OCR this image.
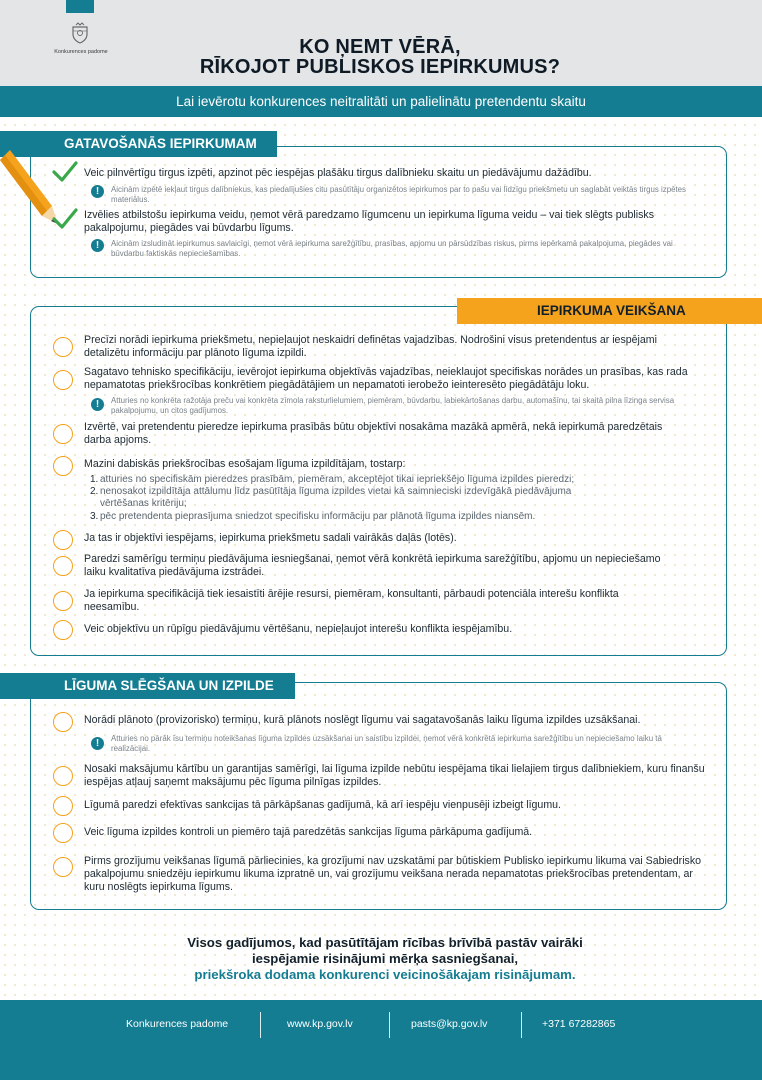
Konkurences padome	KO ŅEMT VĒRĀ,
RĪKOJOT PUBLISKOS IEPIRKUMUS?
Lai ievērotu konkurences neitralitāti un palielinātu pretendentu skaitu
GATAVOŠANĀS IEPIRKUMAM
Veic pilnvērtīgu tirgus izpēti, apzinot pēc iespējas plašāku tirgus dalībnieku skaitu un piedāvājumu dažādību.
!	Aicinām izpētē iekļaut tirgus dalībniekus, kas piedalījušies citu pasūtītāju organizētos iepirkumos par to pašu vai līdzīgu priekšmetu un saglabāt veiktās tirgus izpētes materiālus.
Izvēlies atbilstošu iepirkuma veidu, ņemot vērā paredzamo līgumcenu un iepirkuma līguma veidu – vai tiek slēgts publisks pakalpojumu, piegādes vai būvdarbu līgums.
!	Aicinām izsludināt iepirkumus savlaicīgi, ņemot vērā iepirkuma sarežģītību, prasības, apjomu un pārsūdzības riskus, pirms iepērkamā pakalpojuma, piegādes vai būvdarbu faktiskās nepieciešamības.
IEPIRKUMA VEIKŠANA
Precīzi norādi iepirkuma priekšmetu, nepieļaujot neskaidri definētas vajadzības. Nodrošini visus pretendentus ar iespējami detalizētu informāciju par plānoto līguma izpildi.
Sagatavo tehnisko specifikāciju, ievērojot iepirkuma objektīvās vajadzības, neieklaujot specifiskas norādes un prasības, kas rada nepamatotas priekšrocības konkrētiem piegādātājiem un nepamatoti ierobežo ieinteresēto piegādātāju loku.
!	Atturies no konkrēta ražotāja preču vai konkrēta zīmola raksturlielumiem, piemēram, būvdarbu, labiekārtošanas darbu, automašīnu, tai skaitā pilna līzinga servisa pakalpojumu, un citos gadījumos.
Izvērtē, vai pretendentu pieredze iepirkuma prasībās būtu objektīvi nosakāma mazākā apmērā, nekā iepirkumā paredzētais darba apjoms.
Mazini dabiskās priekšrocības esošajam līguma izpildītājam, tostarp:
1. atturies no specifiskām pieredzes prasībām, piemēram, akceptējot tikai iepriekšējo līguma izpildes pieredzi;
2. nenosakot izpildītāja attālumu līdz pasūtītāja līguma izpildes vietai kā saimnieciski izdevīgākā piedāvājuma
vērtēšanas kritēriju;
3. pēc pretendenta pieprasījuma sniedzot specifisku informāciju par plānotā līguma izpildes niansēm.
Ja tas ir objektīvi iespējams, iepirkuma priekšmetu sadali vairākās daļās (lotēs).
Paredzi samērīgu termiņu piedāvājuma iesniegšanai, ņemot vērā konkrētā iepirkuma sarežģītību, apjomu un nepieciešamo laiku kvalitatīva piedāvājuma izstrādei.
Ja iepirkuma specifikācijā tiek iesaistīti ārējie resursi, piemēram, konsultanti, pārbaudi potenciāla interešu konflikta neesamību.
Veic objektīvu un rūpīgu piedāvājumu vērtēšanu, nepieļaujot interešu konflikta iespējamību.
LĪGUMA SLĒGŠANA UN IZPILDE
Norādi plānoto (provizorisko) termiņu, kurā plānots noslēgt līgumu vai sagatavošanās laiku līguma izpildes uzsākšanai.
!	Atturies no pārāk īsu termiņu noteikšanas līguma izpildes uzsākšanai un saistību izpildei, ņemot vērā konkrētā iepirkuma sarežģītību un nepieciešamo laiku tā realizācijai.
Nosaki maksājumu kārtību un garantijas samērīgi, lai līguma izpilde nebūtu iespējama tikai lielajiem tirgus dalībniekiem, kuru finanšu iespējas atļauj saņemt maksājumu pēc līguma pilnīgas izpildes.
Līgumā paredzi efektīvas sankcijas tā pārkāpšanas gadījumā, kā arī iespēju vienpusēji izbeigt līgumu.
Veic līguma izpildes kontroli un piemēro tajā paredzētās sankcijas līguma pārkāpuma gadījumā.
Pirms grozījumu veikšanas līgumā pārliecinies, ka grozījumi nav uzskatāmi par būtiskiem Publisko iepirkumu likuma vai Sabiedrisko pakalpojumu sniedzēju iepirkumu likuma izpratnē un, vai grozījumu veikšana nerada nepamatotas priekšrocības pretendentam, ar kuru noslēgts iepirkuma līgums.
Visos gadījumos, kad pasūtītājam rīcības brīvībā pastāv vairāki
iespējamie risinājumi mērķa sasniegšanai,
priekšroka dodama konkurenci veicinošākajam risinājumam.
Konkurences padome	www.kp.gov.lv	pasts@kp.gov.lv	+371 67282865
